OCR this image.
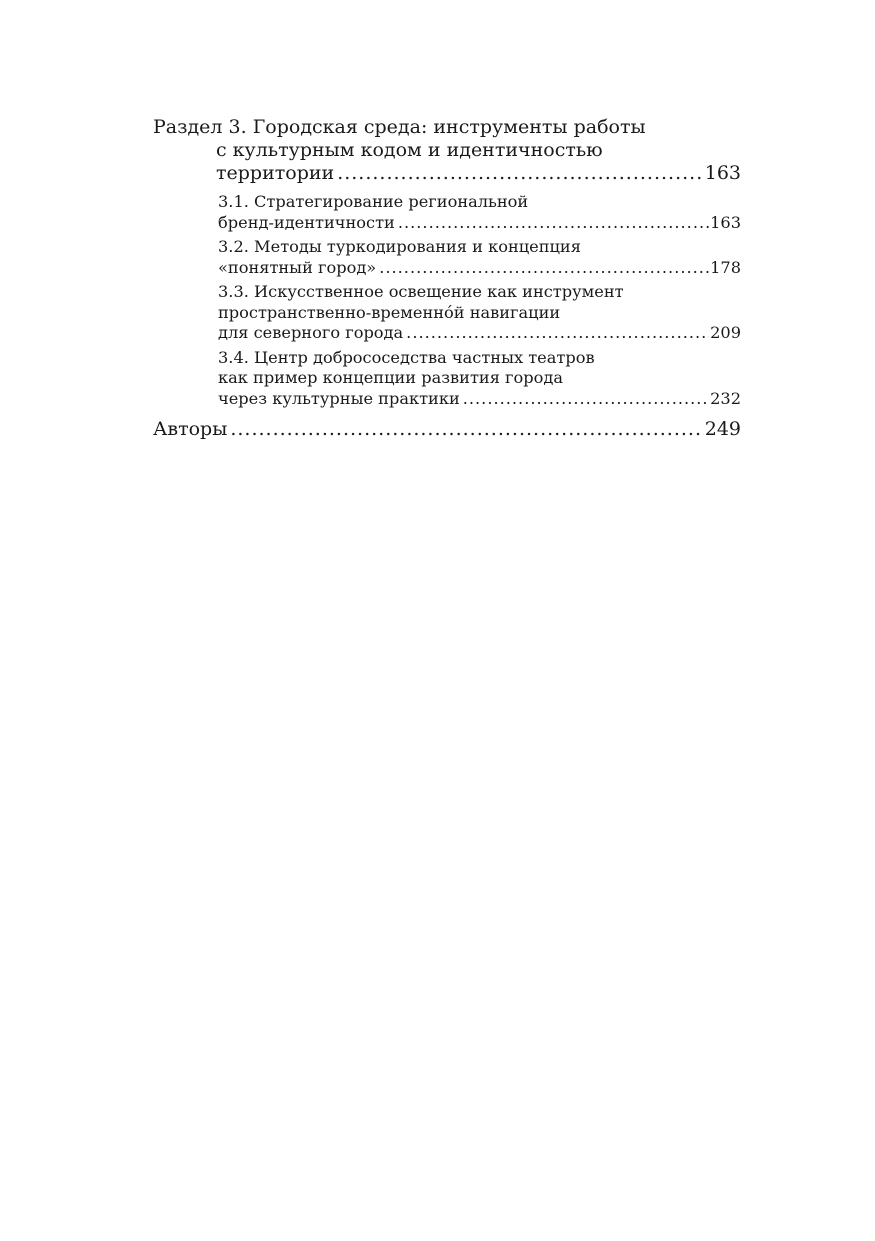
Раздел 3. Городская среда: инструменты работы
с культурным кодом и идентичностью
территории .....	163
3.1. Стратегирование региональной
бренд-идентичности .....	163
3.2. Методы туркодирования и концепция
«понятный город» .....	178
3.3. Искусственное освещение как инструмент
пространственно-временно́й навигации
для северного города .....	209
3.4. Центр добрососедства частных театров
как пример концепции развития города
через культурные практики .....	232
Авторы .....	249
